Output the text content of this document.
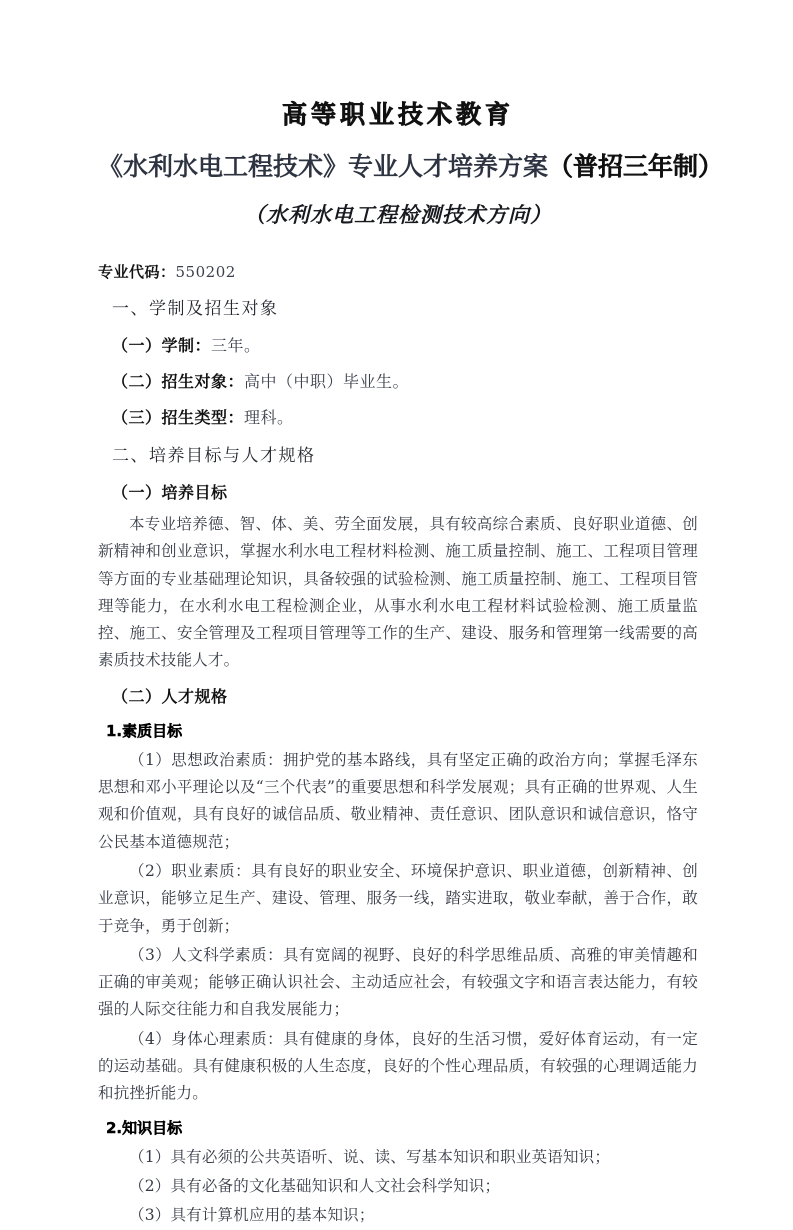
高等职业技术教育
《水利水电工程技术》专业人才培养方案（普招三年制）
（水利水电工程检测技术方向）

专业代码：550202

一、学制及招生对象

（一）学制：三年。

（二）招生对象：高中（中职）毕业生。

（三）招生类型：理科。

二、培养目标与人才规格

（一）培养目标

本专业培养德、智、体、美、劳全面发展，具有较高综合素质、良好职业道德、创新精神和创业意识，掌握水利水电工程材料检测、施工质量控制、施工、工程项目管理等方面的专业基础理论知识，具备较强的试验检测、施工质量控制、施工、工程项目管理等能力，在水利水电工程检测企业，从事水利水电工程材料试验检测、施工质量监控、施工、安全管理及工程项目管理等工作的生产、建设、服务和管理第一线需要的高素质技术技能人才。

（二）人才规格

1.素质目标

（1）思想政治素质：拥护党的基本路线，具有坚定正确的政治方向；掌握毛泽东思想和邓小平理论以及“三个代表”的重要思想和科学发展观；具有正确的世界观、人生观和价值观，具有良好的诚信品质、敬业精神、责任意识、团队意识和诚信意识，恪守公民基本道德规范；

（2）职业素质：具有良好的职业安全、环境保护意识、职业道德，创新精神、创业意识，能够立足生产、建设、管理、服务一线，踏实进取，敬业奉献，善于合作，敢于竞争，勇于创新；

（3）人文科学素质：具有宽阔的视野、良好的科学思维品质、高雅的审美情趣和正确的审美观；能够正确认识社会、主动适应社会，有较强文字和语言表达能力，有较强的人际交往能力和自我发展能力；

（4）身体心理素质：具有健康的身体，良好的生活习惯，爱好体育运动，有一定的运动基础。具有健康积极的人生态度，良好的个性心理品质，有较强的心理调适能力和抗挫折能力。

2.知识目标

（1）具有必须的公共英语听、说、读、写基本知识和职业英语知识；

（2）具有必备的文化基础知识和人文社会科学知识；

（3）具有计算机应用的基本知识；
